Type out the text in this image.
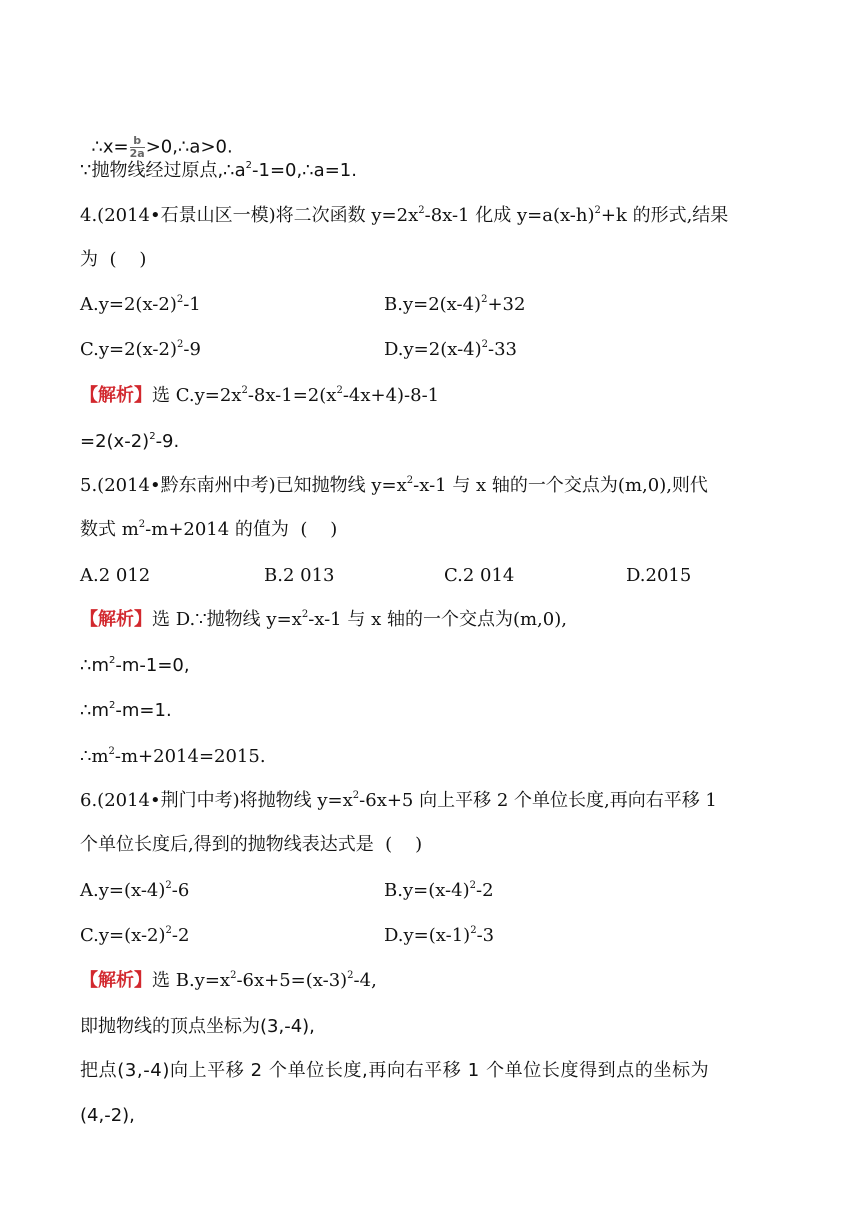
∴x= $\frac{b}{2a}$ >0,∴a>0.

∵抛物线经过原点$,\therefore a^2-1=0,\therefore a=1$.
4.(2014•石景山区一模)将二次函数 $y=2x^2-8x-1$ 化成 $y=a(x-h)^2+k$ 的形式,结果
为  (    )
$A.y=2(x-2)^2-1$	$B.y=2(x-4)^2+32$
$C.y=2(x-2)^2-9$	$D.y=2(x-4)^2-33$
【解析】选 $C.y=2x^2-8x-1=2(x^2-4x+4)-8-1$
$=2(x-2)^2-9$.
5.(2014•黔东南州中考)已知抛物线 $y=x^2-x-1$ 与 x 轴的一个交点为(m,0),则代
数式 $m^2-m+2014$ 的值为  (    )
A.2 012	B.2 013	C.2 014	D.2015
【解析】选 D.∵抛物线 $y=x^2-x-1$ 与 x 轴的一个交点为(m,0),
$\therefore m^2-m-1=0$,
$\therefore m^2-m=1$.
$\therefore m^2-m+2014=2015$.
6.(2014•荆门中考)将抛物线 $y=x^2-6x+5$ 向上平移 2 个单位长度,再向右平移 1
个单位长度后,得到的抛物线表达式是  (    )
$A.y=(x-4)^2-6$	$B.y=(x-4)^2-2$
$C.y=(x-2)^2-2$	$D.y=(x-1)^2-3$
【解析】选 $B.y=x^2-6x+5=(x-3)^2-4$,
即抛物线的顶点坐标为(3,-4),
把点(3,-4)向上平移 2 个单位长度,再向右平移 1 个单位长度得到点的坐标为
(4,-2),
